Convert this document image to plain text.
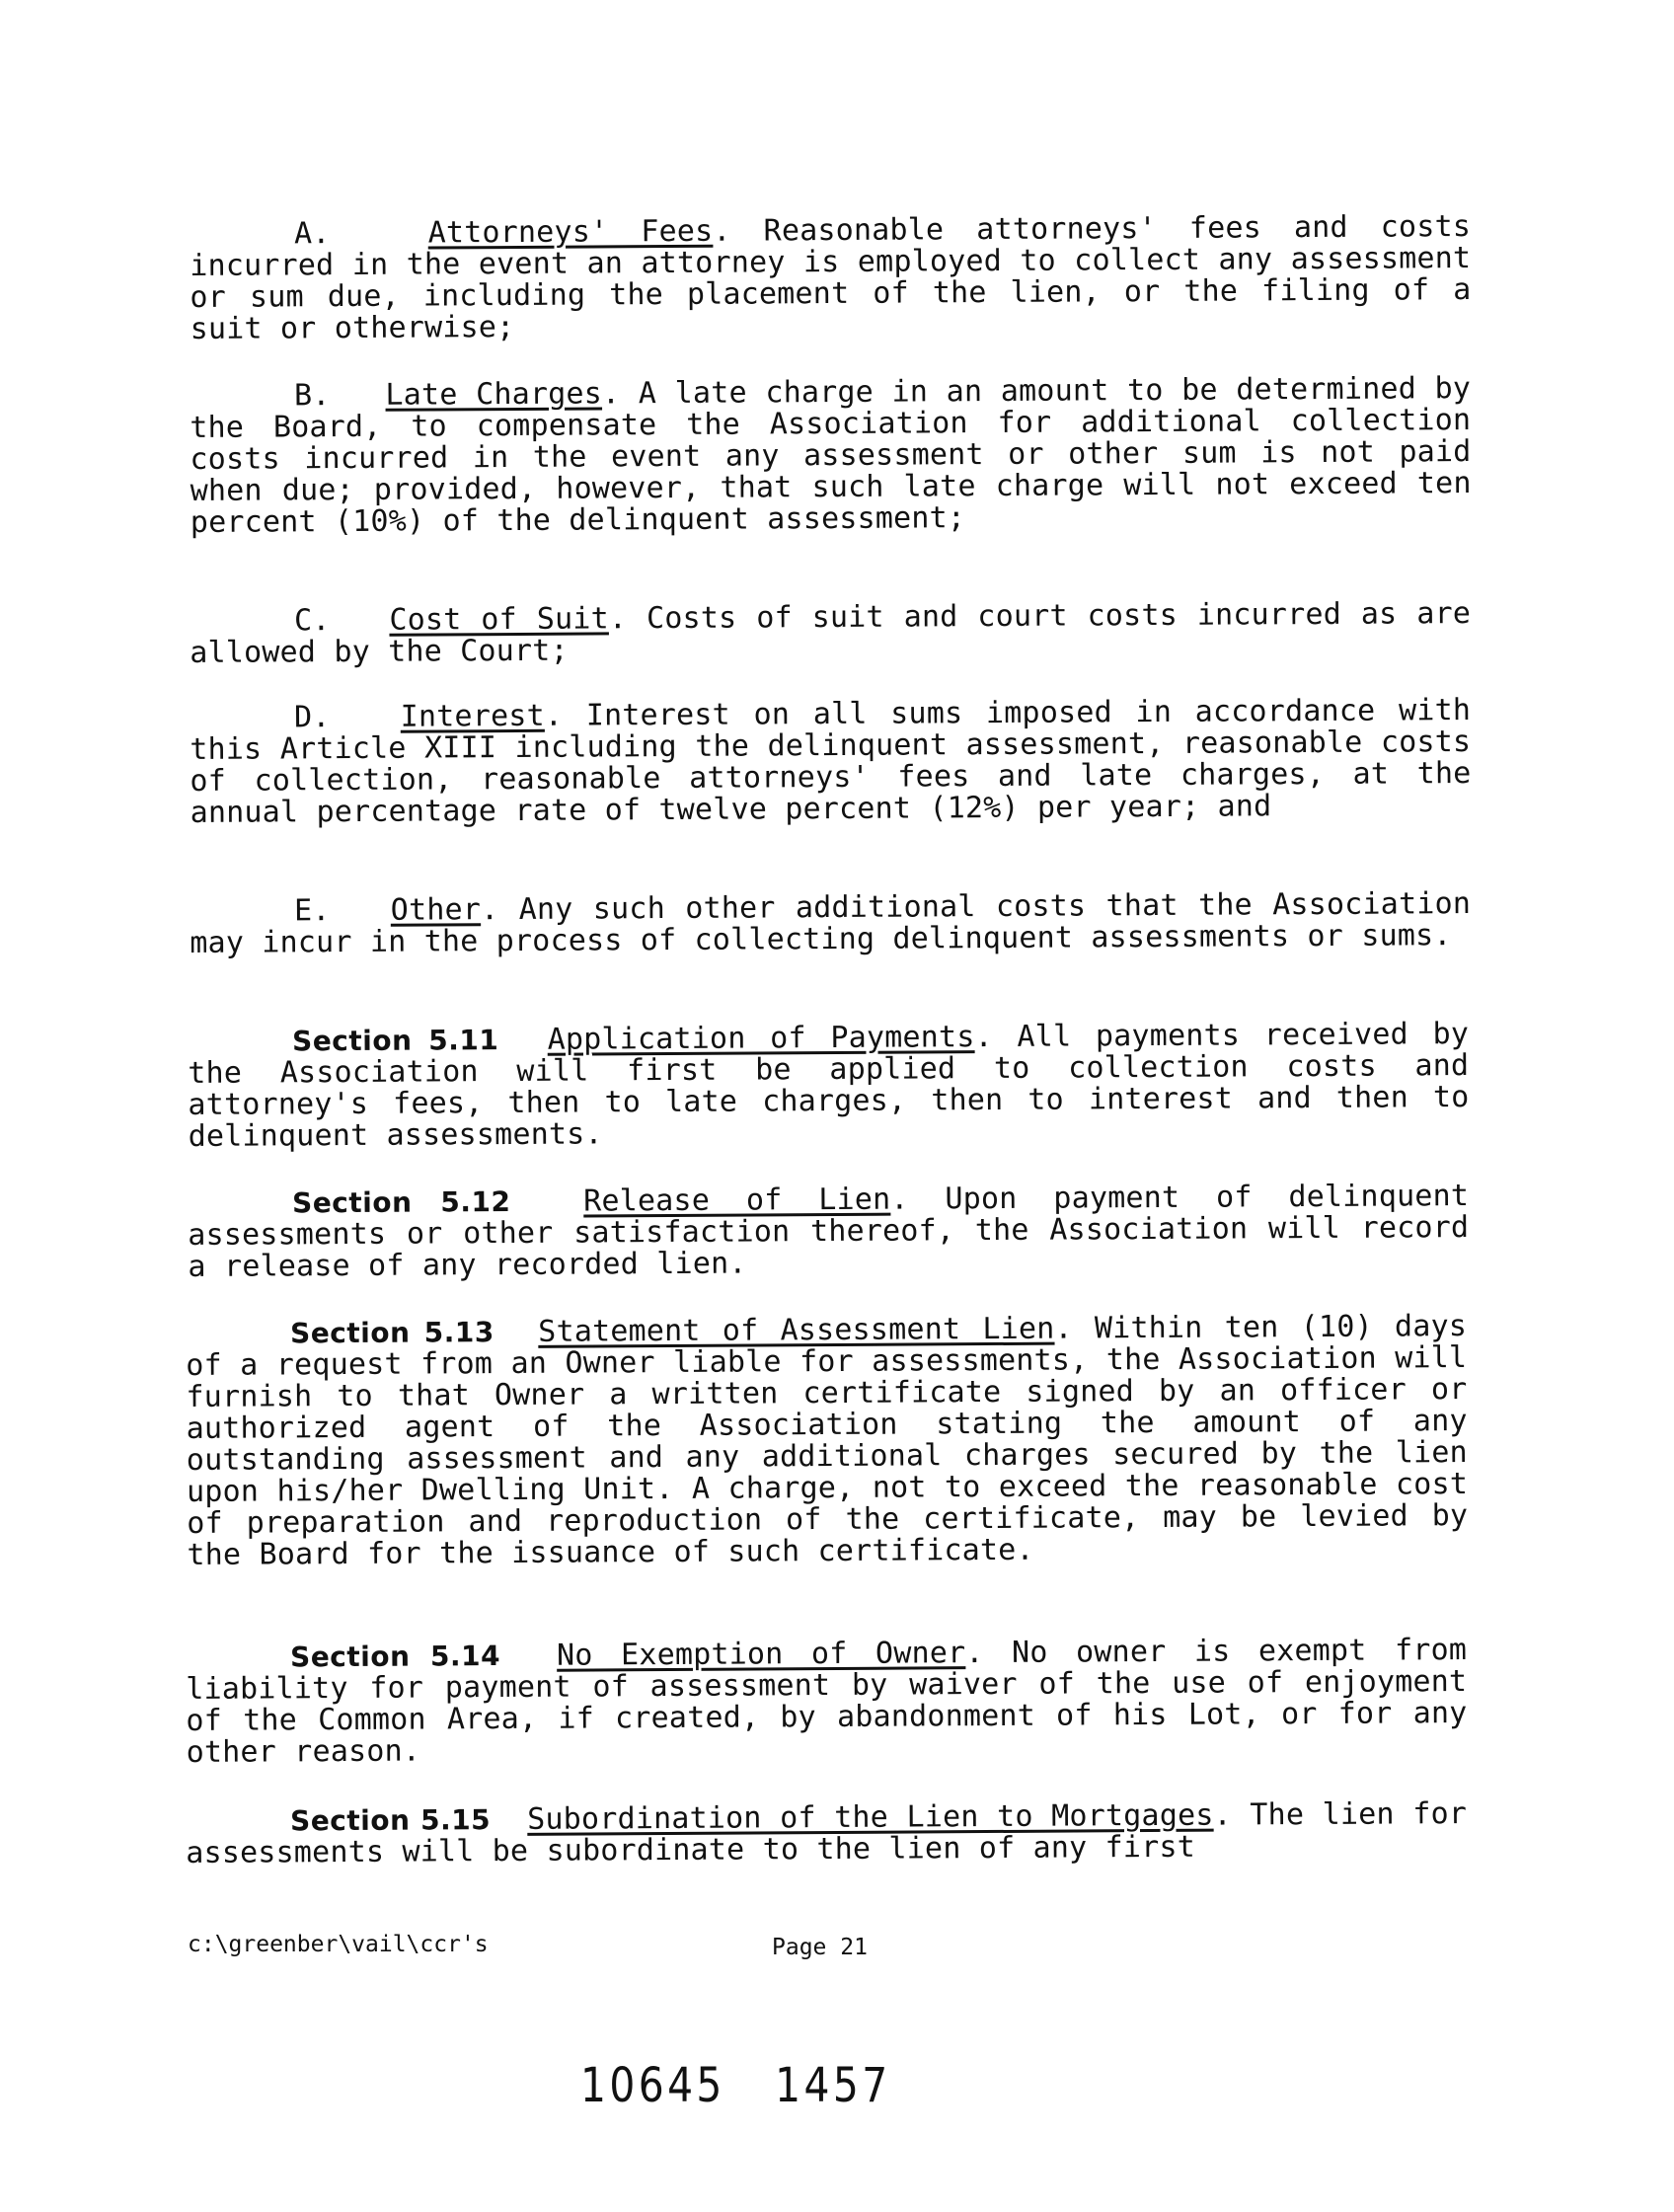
A.	Attorneys' Fees. Reasonable attorneys' fees and costs incurred in the event an attorney is employed to collect any assessment or sum due, including the placement of the lien, or the filing of a suit or otherwise;
B. Late Charges. A late charge in an amount to be determined by the Board, to compensate the Association for additional collection costs incurred in the event any assessment or other sum is not paid when due; provided, however, that such late charge will not exceed ten percent (10%) of the delinquent assessment;
C. Cost of Suit. Costs of suit and court costs incurred as are allowed by the Court;
D. Interest. Interest on all sums imposed in accordance with this Article XIII including the delinquent assessment, reasonable costs of collection, reasonable attorneys' fees and late charges, at the annual percentage rate of twelve percent (12%) per year; and
E. Other. Any such other additional costs that the Association may incur in the process of collecting delinquent assessments or sums.
Section 5.11 Application of Payments. All payments received by the Association will first be applied to collection costs and attorney's fees, then to late charges, then to interest and then to delinquent assessments.
Section 5.12 Release of Lien. Upon payment of delinquent assessments or other satisfaction thereof, the Association will record a release of any recorded lien.
Section 5.13 Statement of Assessment Lien. Within ten (10) days of a request from an Owner liable for assessments, the Association will furnish to that Owner a written certificate signed by an officer or authorized agent of the Association stating the amount of any outstanding assessment and any additional charges secured by the lien upon his/her Dwelling Unit. A charge, not to exceed the reasonable cost of preparation and reproduction of the certificate, may be levied by the Board for the issuance of such certificate.
Section 5.14 No Exemption of Owner. No owner is exempt from liability for payment of assessment by waiver of the use of enjoyment of the Common Area, if created, by abandonment of his Lot, or for any other reason.
Section 5.15 Subordination of the Lien to Mortgages. The lien for assessments will be subordinate to the lien of any first
c:\greenber\vail\ccr's	Page 21
10645 1457
